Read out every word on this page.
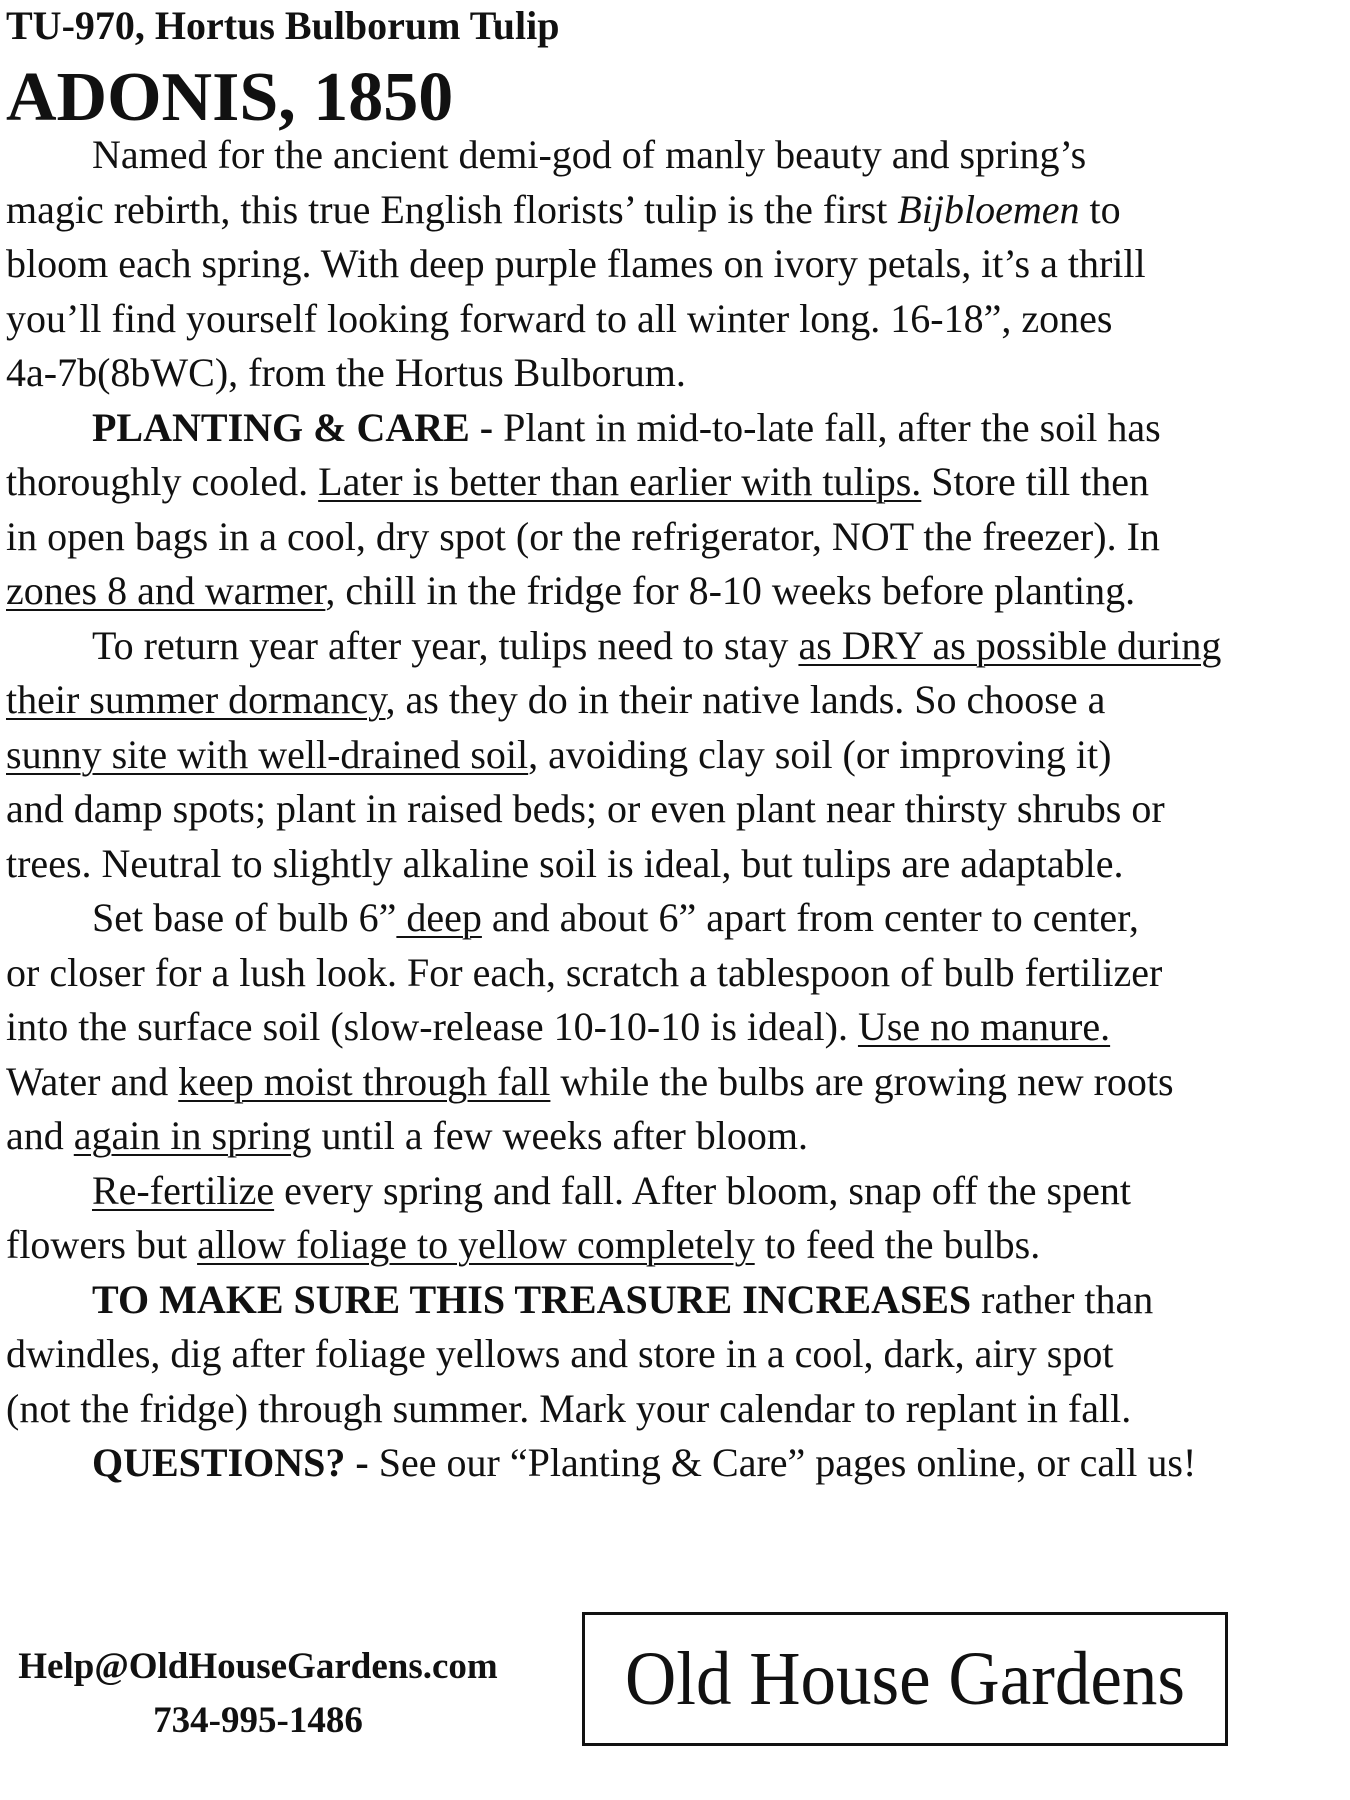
TU-970, Hortus Bulborum Tulip
ADONIS, 1850

Named for the ancient demi-god of manly beauty and spring’s
magic rebirth, this true English florists’ tulip is the first Bijbloemen to
bloom each spring. With deep purple flames on ivory petals, it’s a thrill
you’ll find yourself looking forward to all winter long. 16-18”, zones
4a-7b(8bWC), from the Hortus Bulborum.

PLANTING & CARE - Plant in mid-to-late fall, after the soil has
thoroughly cooled. Later is better than earlier with tulips. Store till then
in open bags in a cool, dry spot (or the refrigerator, NOT the freezer). In
zones 8 and warmer, chill in the fridge for 8-10 weeks before planting.

To return year after year, tulips need to stay as DRY as possible during
their summer dormancy, as they do in their native lands. So choose a
sunny site with well-drained soil, avoiding clay soil (or improving it)
and damp spots; plant in raised beds; or even plant near thirsty shrubs or
trees. Neutral to slightly alkaline soil is ideal, but tulips are adaptable.

Set base of bulb 6” deep and about 6” apart from center to center,
or closer for a lush look. For each, scratch a tablespoon of bulb fertilizer
into the surface soil (slow-release 10-10-10 is ideal). Use no manure.
Water and keep moist through fall while the bulbs are growing new roots
and again in spring until a few weeks after bloom.

Re-fertilize every spring and fall. After bloom, snap off the spent
flowers but allow foliage to yellow completely to feed the bulbs.

TO MAKE SURE THIS TREASURE INCREASES rather than
dwindles, dig after foliage yellows and store in a cool, dark, airy spot
(not the fridge) through summer. Mark your calendar to replant in fall.

QUESTIONS? - See our “Planting & Care” pages online, or call us!

Help@OldHouseGardens.com
734-995-1486	Old House Gardens
